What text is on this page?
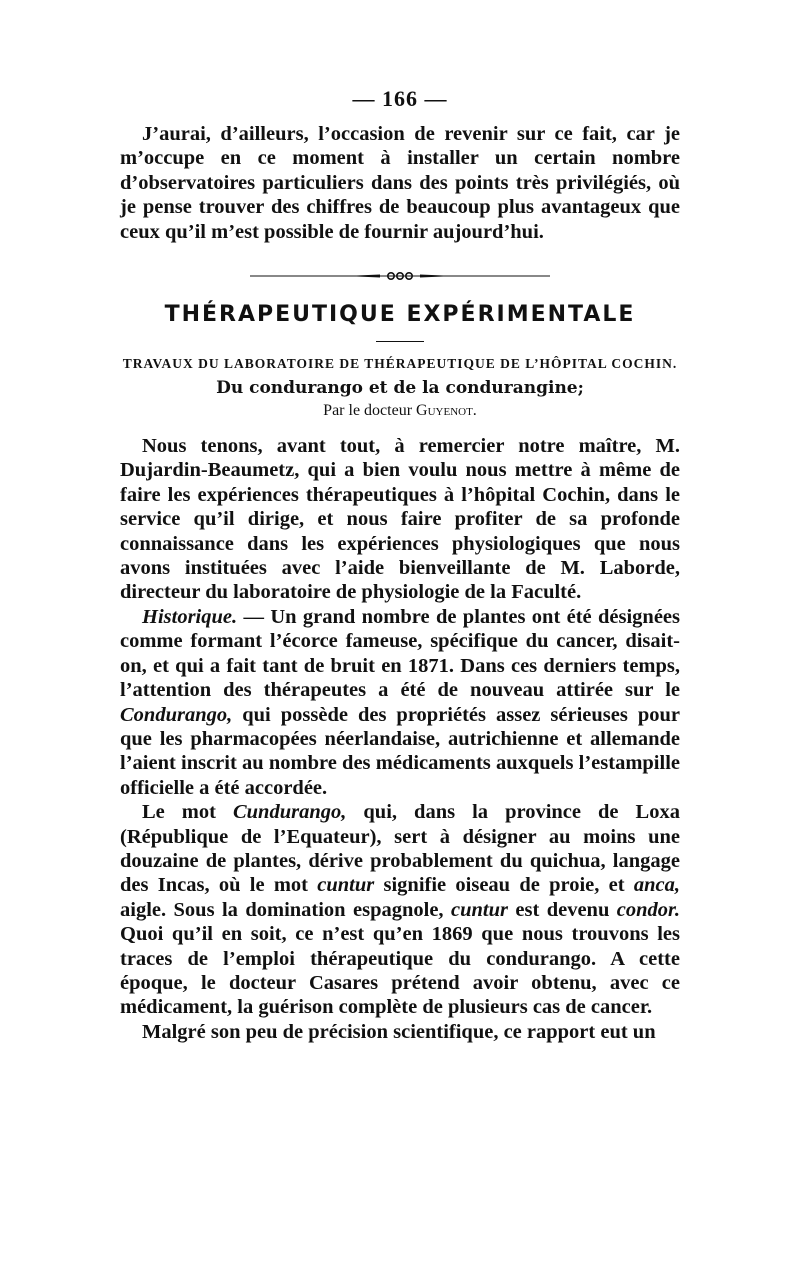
— 166 —

J’aurai, d’ailleurs, l’occasion de revenir sur ce fait, car je m’occupe en ce moment à installer un certain nombre d’observatoires particuliers dans des points très privilégiés, où je pense trouver des chiffres de beaucoup plus avantageux que ceux qu’il m’est possible de fournir aujourd’hui.

THÉRAPEUTIQUE EXPÉRIMENTALE
TRAVAUX DU LABORATOIRE DE THÉRAPEUTIQUE DE L’HÔPITAL COCHIN.
Du condurango et de la condurangine;
Par le docteur Guyenot.

Nous tenons, avant tout, à remercier notre maître, M. Dujardin-Beaumetz, qui a bien voulu nous mettre à même de faire les expériences thérapeutiques à l’hôpital Cochin, dans le service qu’il dirige, et nous faire profiter de sa profonde connaissance dans les expériences physiologiques que nous avons instituées avec l’aide bienveillante de M. Laborde, directeur du laboratoire de physiologie de la Faculté.

Historique. — Un grand nombre de plantes ont été désignées comme formant l’écorce fameuse, spécifique du cancer, disait-on, et qui a fait tant de bruit en 1871. Dans ces derniers temps, l’attention des thérapeutes a été de nouveau attirée sur le Condurango, qui possède des propriétés assez sérieuses pour que les pharmacopées néerlandaise, autrichienne et allemande l’aient inscrit au nombre des médicaments auxquels l’estampille officielle a été accordée.

Le mot Cundurango, qui, dans la province de Loxa (République de l’Equateur), sert à désigner au moins une douzaine de plantes, dérive probablement du quichua, langage des Incas, où le mot cuntur signifie oiseau de proie, et anca, aigle. Sous la domination espagnole, cuntur est devenu condor. Quoi qu’il en soit, ce n’est qu’en 1869 que nous trouvons les traces de l’emploi thérapeutique du condurango. A cette époque, le docteur Casares prétend avoir obtenu, avec ce médicament, la guérison complète de plusieurs cas de cancer.

Malgré son peu de précision scientifique, ce rapport eut un
